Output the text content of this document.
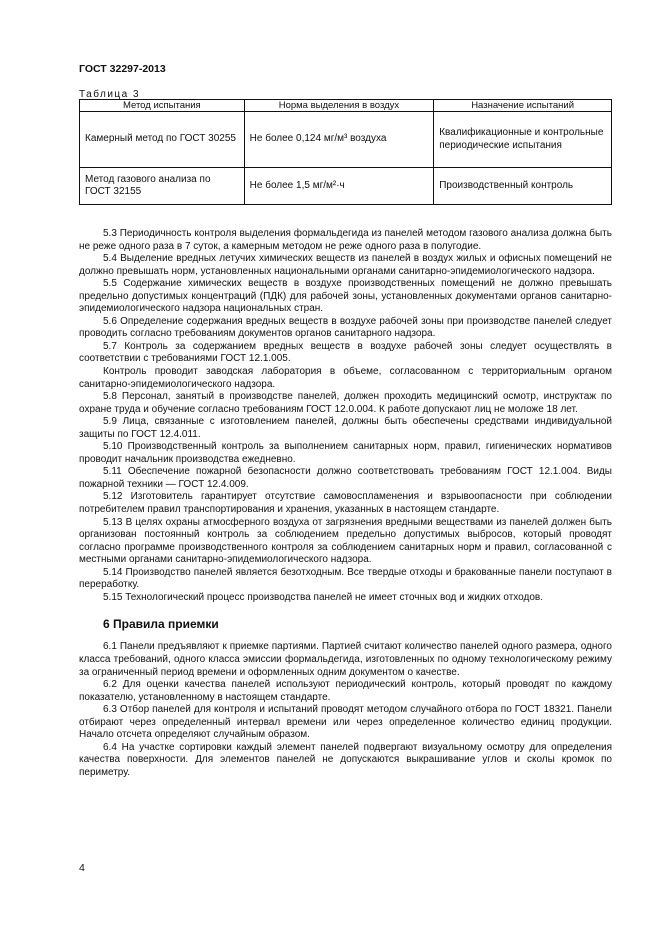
ГОСТ 32297-2013
Таблица 3
Метод испытания	Норма выделения в воздух	Назначение испытаний
Камерный метод по ГОСТ 30255	Не более 0,124 мг/м³ воздуха	Квалификационные и контрольные периодические испытания
Метод газового анализа по ГОСТ 32155	Не более 1,5 мг/м²·ч	Производственный контроль

5.3 Периодичность контроля выделения формальдегида из панелей методом газового анализа должна быть не реже одного раза в 7 суток, а камерным методом не реже одного раза в полугодие.

5.4 Выделение вредных летучих химических веществ из панелей в воздух жилых и офисных помещений не должно превышать норм, установленных национальными органами санитарно-эпидемиологического надзора.

5.5 Содержание химических веществ в воздухе производственных помещений не должно превышать предельно допустимых концентраций (ПДК) для рабочей зоны, установленных документами органов санитарно-эпидемиологического надзора национальных стран.

5.6 Определение содержания вредных веществ в воздухе рабочей зоны при производстве панелей следует проводить согласно требованиям документов органов санитарного надзора.

5.7 Контроль за содержанием вредных веществ в воздухе рабочей зоны следует осуществлять в соответствии с требованиями ГОСТ 12.1.005.

Контроль проводит заводская лаборатория в объеме, согласованном с территориальным органом санитарно-эпидемиологического надзора.

5.8 Персонал, занятый в производстве панелей, должен проходить медицинский осмотр, инструктаж по охране труда и обучение согласно требованиям ГОСТ 12.0.004. К работе допускают лиц не моложе 18 лет.

5.9 Лица, связанные с изготовлением панелей, должны быть обеспечены средствами индивидуальной защиты по ГОСТ 12.4.011.

5.10 Производственный контроль за выполнением санитарных норм, правил, гигиенических нормативов проводит начальник производства ежедневно.

5.11 Обеспечение пожарной безопасности должно соответствовать требованиям ГОСТ 12.1.004. Виды пожарной техники — ГОСТ 12.4.009.

5.12 Изготовитель гарантирует отсутствие самовоспламенения и взрывоопасности при соблюдении потребителем правил транспортирования и хранения, указанных в настоящем стандарте.

5.13 В целях охраны атмосферного воздуха от загрязнения вредными веществами из панелей должен быть организован постоянный контроль за соблюдением предельно допустимых выбросов, который проводят согласно программе производственного контроля за соблюдением санитарных норм и правил, согласованной с местными органами санитарно-эпидемиологического надзора.

5.14 Производство панелей является безотходным. Все твердые отходы и бракованные панели поступают в переработку.

5.15 Технологический процесс производства панелей не имеет сточных вод и жидких отходов.

6 Правила приемки

6.1 Панели предъявляют к приемке партиями. Партией считают количество панелей одного размера, одного класса требований, одного класса эмиссии формальдегида, изготовленных по одному технологическому режиму за ограниченный период времени и оформленных одним документом о качестве.

6.2 Для оценки качества панелей используют периодический контроль, который проводят по каждому показателю, установленному в настоящем стандарте.

6.3 Отбор панелей для контроля и испытаний проводят методом случайного отбора по ГОСТ 18321. Панели отбирают через определенный интервал времени или через определенное количество единиц продукции. Начало отсчета определяют случайным образом.

6.4 На участке сортировки каждый элемент панелей подвергают визуальному осмотру для определения качества поверхности. Для элементов панелей не допускаются выкрашивание углов и сколы кромок по периметру.

4
